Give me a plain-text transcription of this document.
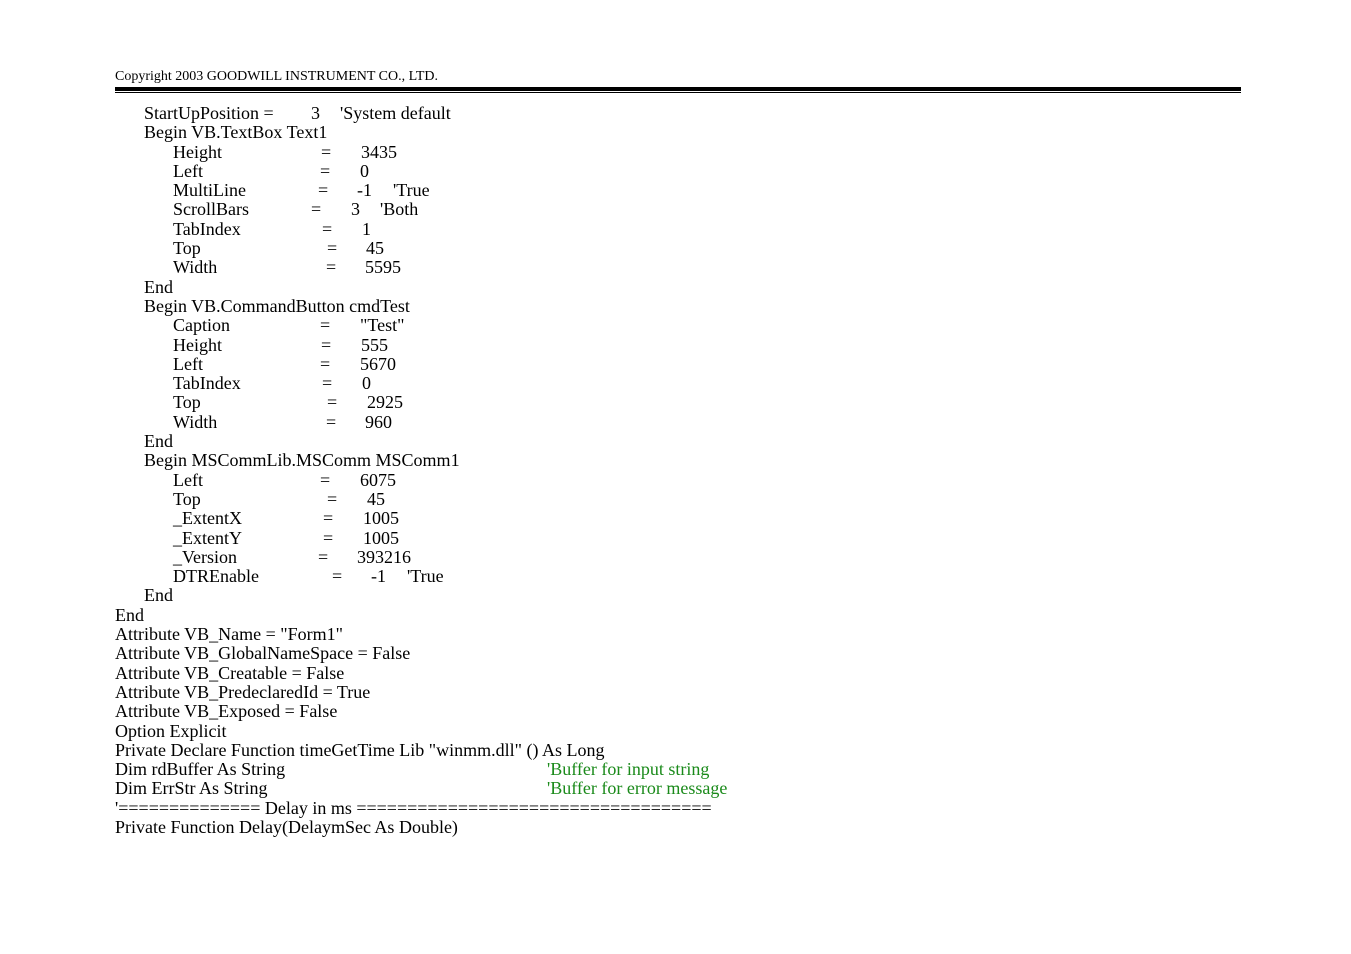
Copyright 2003 GOODWILL INSTRUMENT CO., LTD.
StartUpPosition = 3 'System default
Begin VB.TextBox Text1
Height	= 3435
Left	= 0
MultiLine	= -1 'True
ScrollBars	= 3 'Both
TabIndex	= 1
Top	= 45
Width	= 5595
End
Begin VB.CommandButton cmdTest
Caption	= "Test"
Height	= 555
Left	= 5670
TabIndex	= 0
Top	= 2925
Width	= 960
End
Begin MSCommLib.MSComm MSComm1
Left	= 6075
Top	= 45
_ExtentX	= 1005
_ExtentY	= 1005
_Version	= 393216
DTREnable	= -1 'True
End
End
Attribute VB_Name = "Form1"
Attribute VB_GlobalNameSpace = False
Attribute VB_Creatable = False
Attribute VB_PredeclaredId = True
Attribute VB_Exposed = False
Option Explicit
Private Declare Function timeGetTime Lib "winmm.dll" () As Long
Dim rdBuffer As String	'Buffer for input string
Dim ErrStr As String	'Buffer for error message
'============== Delay in ms ===================================
Private Function Delay(DelaymSec As Double)
